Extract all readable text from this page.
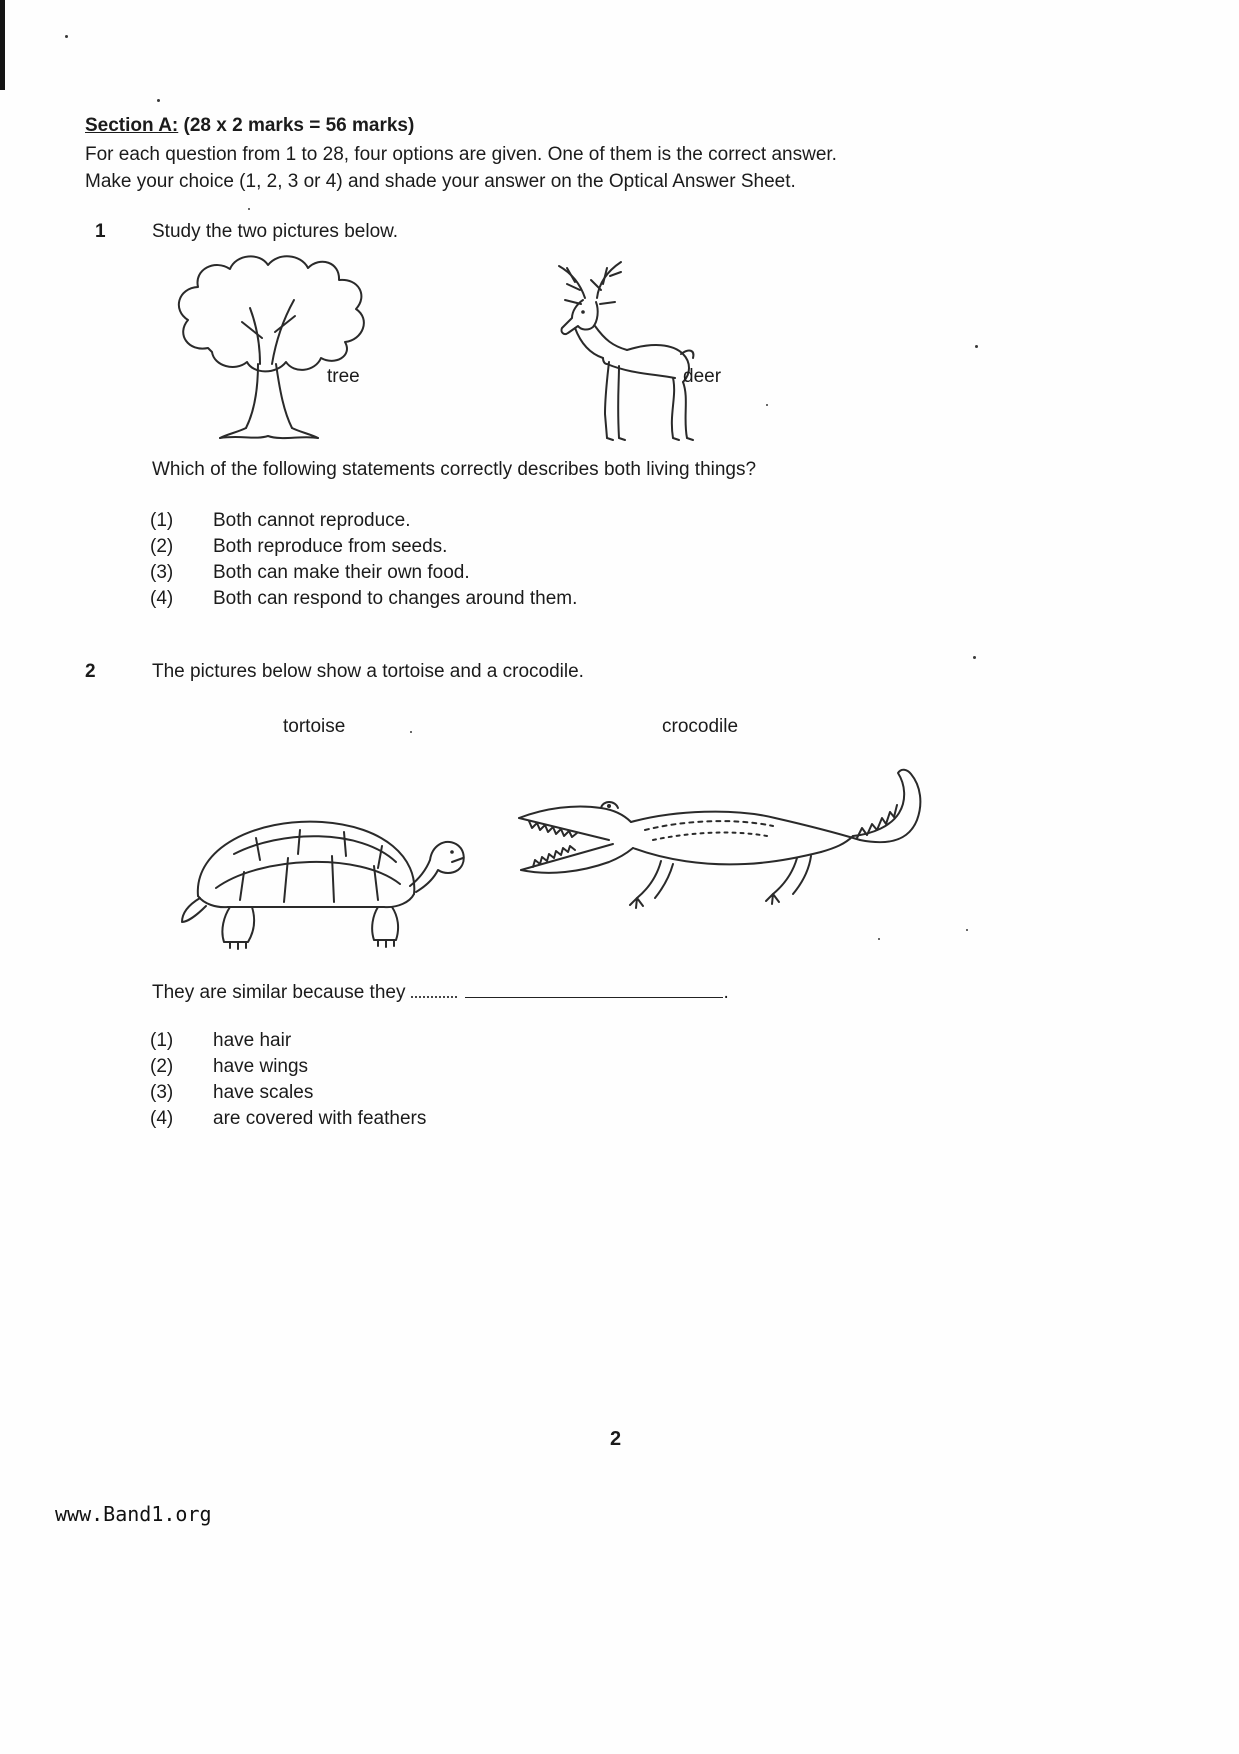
Section A: (28 x 2 marks = 56 marks)
For each question from 1 to 28, four options are given. One of them is the correct answer.
Make your choice (1, 2, 3 or 4) and shade your answer on the Optical Answer Sheet.
1 Study the two pictures below.
tree	deer
Which of the following statements correctly describes both living things?
(1)	Both cannot reproduce.
(2)	Both reproduce from seeds.
(3)	Both can make their own food.
(4)	Both can respond to changes around them.
2	The pictures below show a tortoise and a crocodile.
tortoise	crocodile
They are similar because they	.
(1)	have hair
(2)	have wings
(3)	have scales
(4)	are covered with feathers
2
www.Band1.org
